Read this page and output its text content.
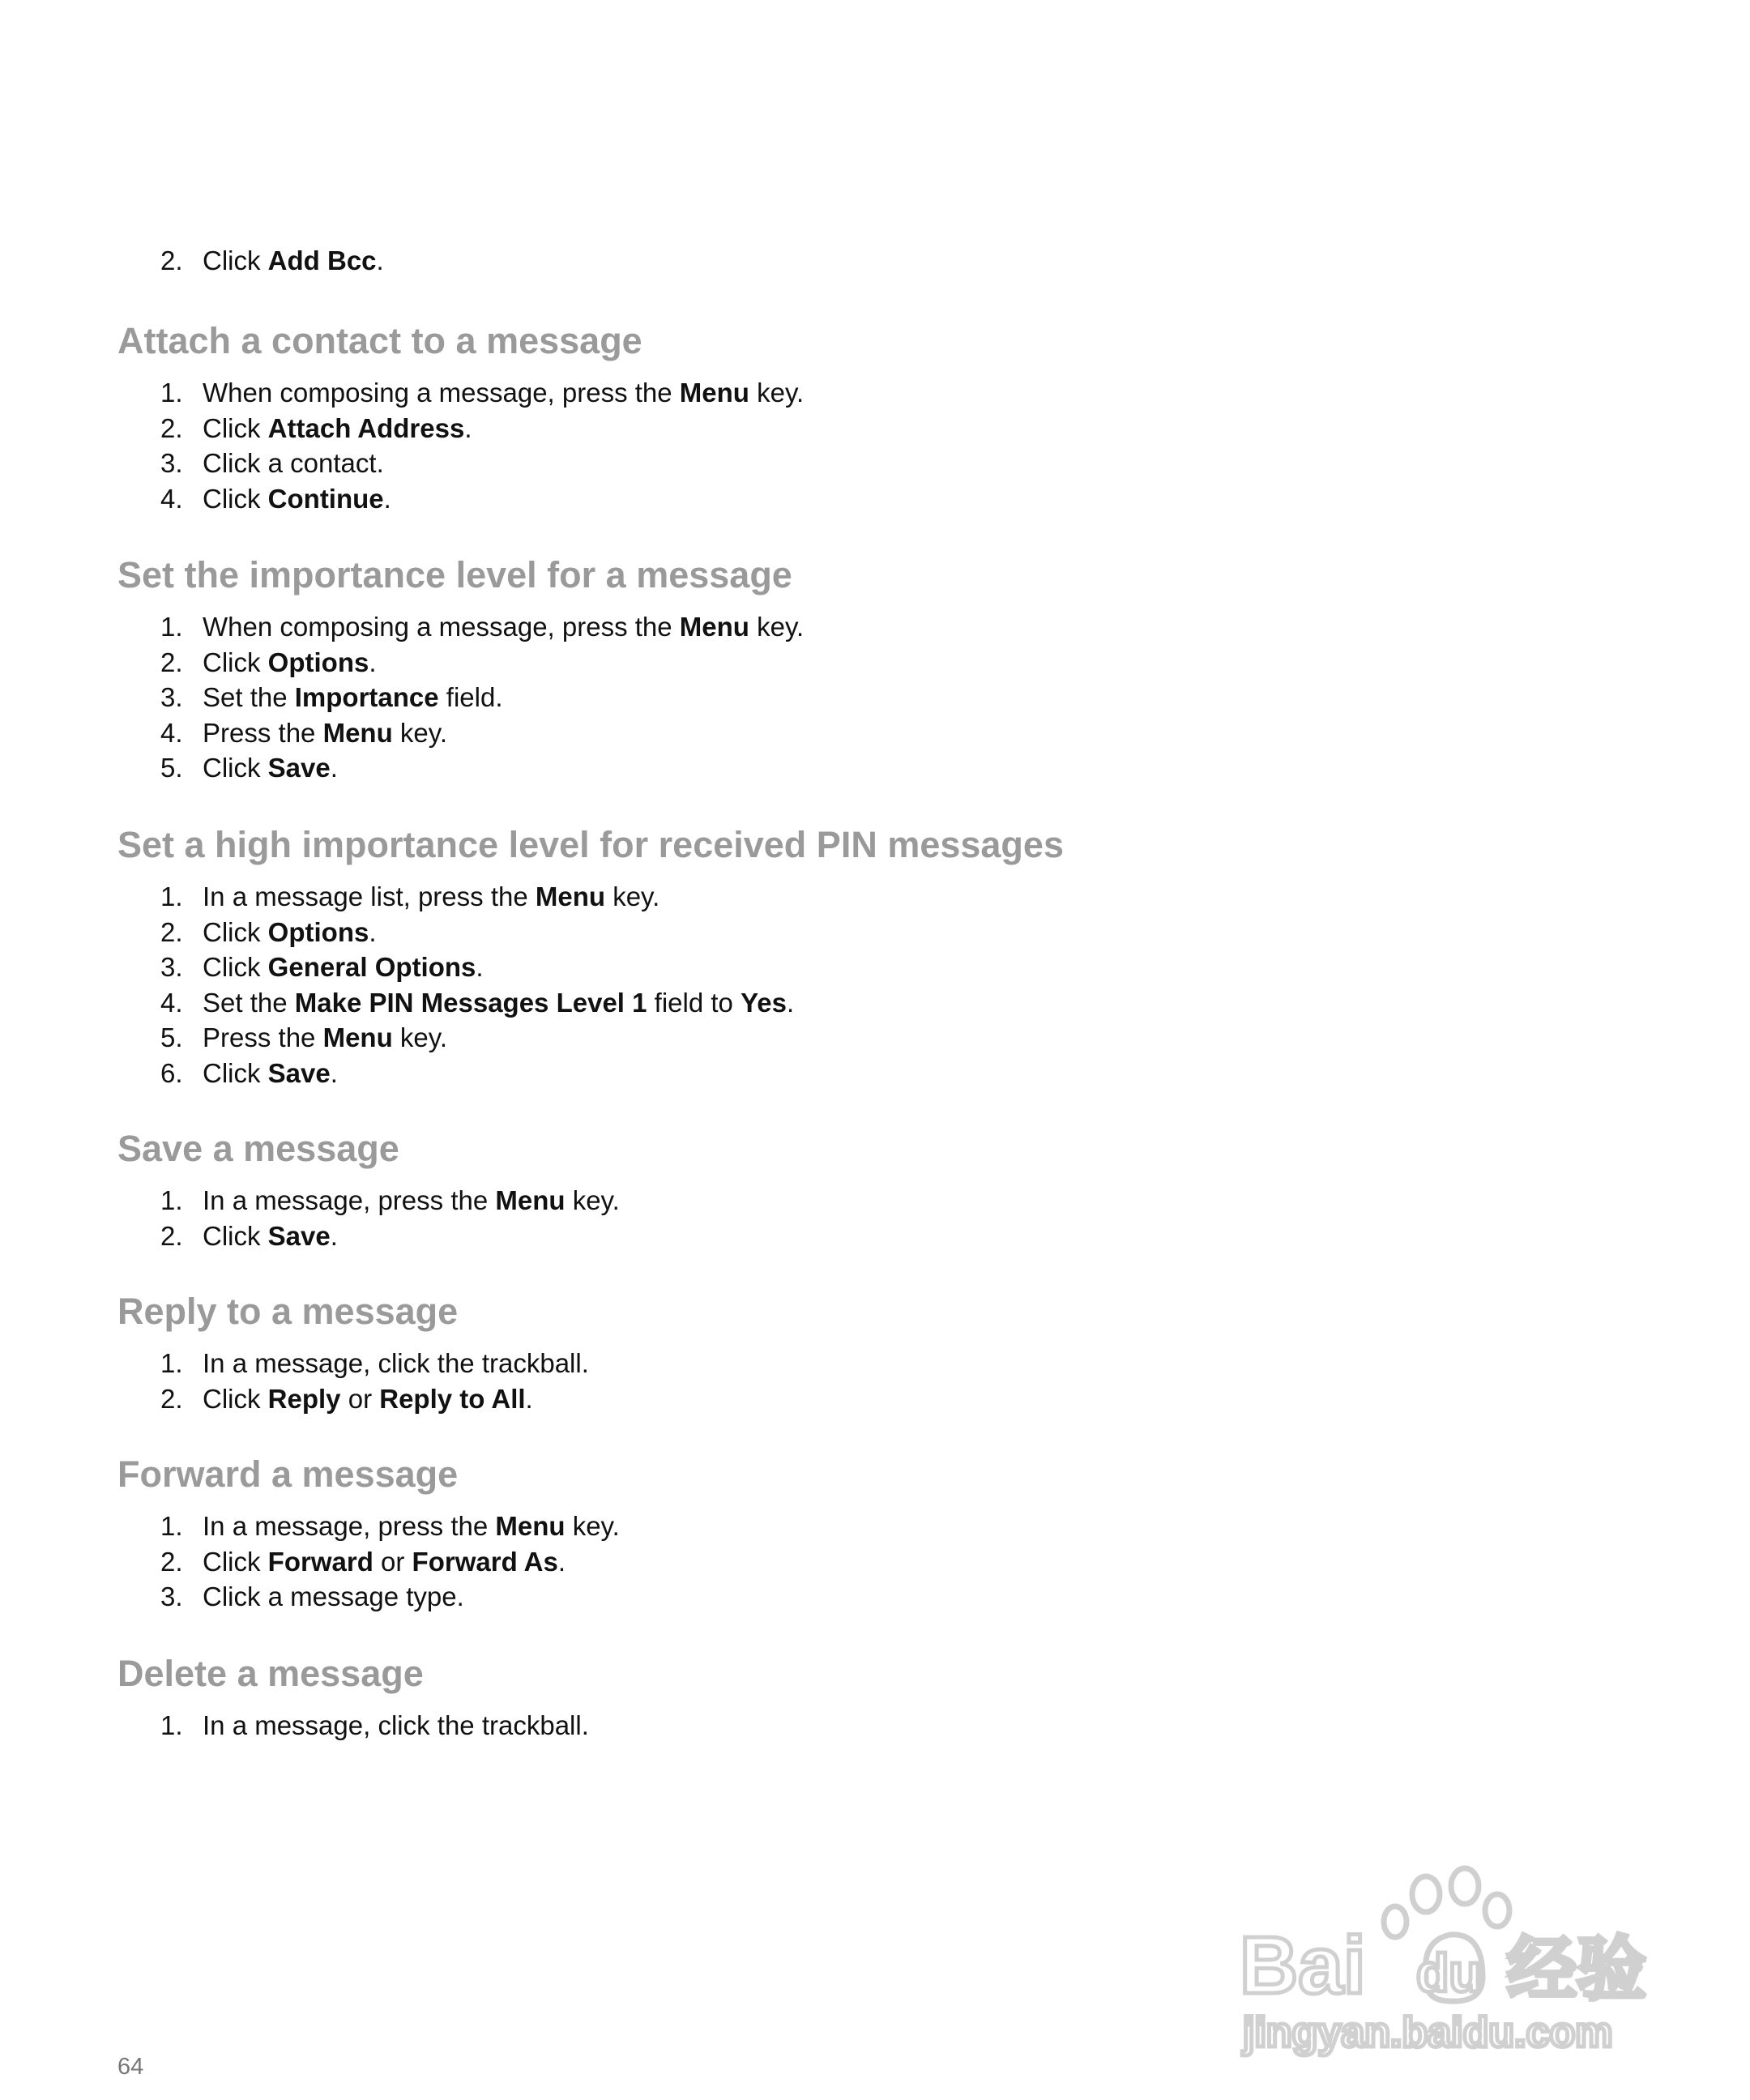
2. Click Add Bcc.
Attach a contact to a message
1. When composing a message, press the Menu key.
2. Click Attach Address.
3. Click a contact.
4. Click Continue.
Set the importance level for a message
1. When composing a message, press the Menu key.
2. Click Options.
3. Set the Importance field.
4. Press the Menu key.
5. Click Save.
Set a high importance level for received PIN messages
1. In a message list, press the Menu key.
2. Click Options.
3. Click General Options.
4. Set the Make PIN Messages Level 1 field to Yes.
5. Press the Menu key.
6. Click Save.
Save a message
1. In a message, press the Menu key.
2. Click Save.
Reply to a message
1. In a message, click the trackball.
2. Click Reply or Reply to All.
Forward a message
1. In a message, press the Menu key.
2. Click Forward or Forward As.
3. Click a message type.
Delete a message
1. In a message, click the trackball.
64
Bai du 经验
jingyan.baidu.com
